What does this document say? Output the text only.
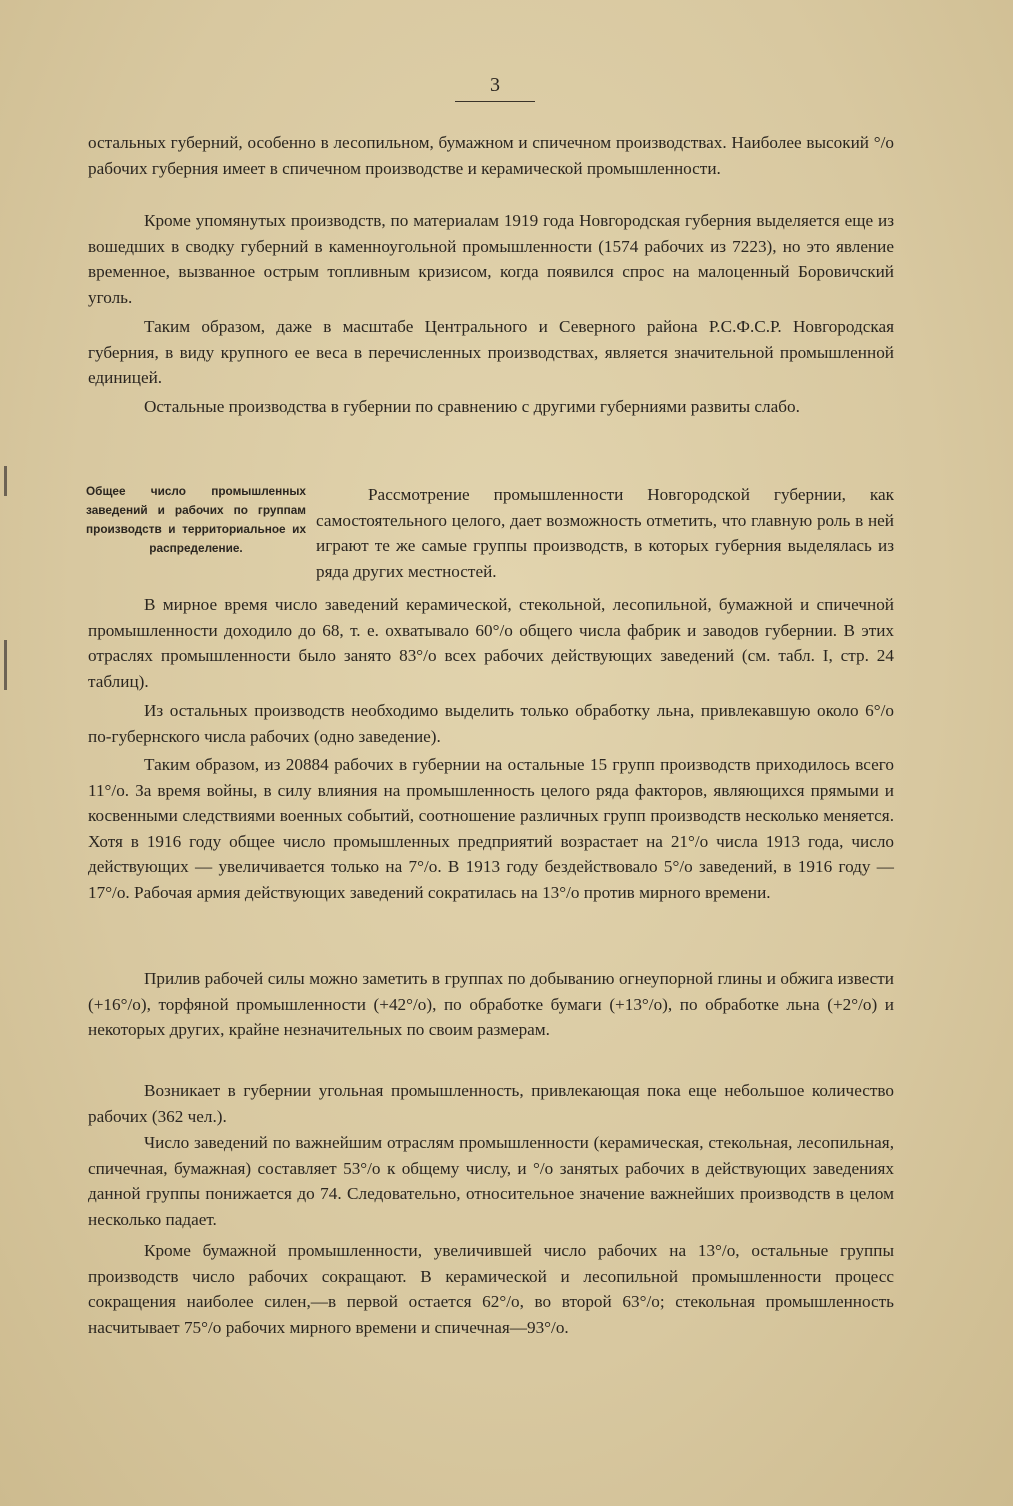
3

остальных губерний, особенно в лесопильном, бумажном и спичечном производствах. Наиболее высокий °/o рабочих губерния имеет в спичечном производстве и керамической промышленности.

Кроме упомянутых производств, по материалам 1919 года Новгородская губерния выделяется еще из вошедших в сводку губерний в каменноугольной промышленности (1574 рабочих из 7223), но это явление временное, вызванное острым топливным кризисом, когда появился спрос на малоценный Боровичский уголь.

Таким образом, даже в масштабе Центрального и Северного района Р.С.Ф.С.Р. Новгородская губерния, в виду крупного ее веса в перечисленных производствах, является значительной промышленной единицей.

Остальные производства в губернии по сравнению с другими губерниями развиты слабо.

Общее число промышленных заведений и рабочих по группам производств и территориальное их распределение.

Рассмотрение промышленности Новгородской губернии, как самостоятельного целого, дает возможность отметить, что главную роль в ней играют те же самые группы производств, в которых губерния выделялась из ряда других местностей.

В мирное время число заведений керамической, стекольной, лесопильной, бумажной и спичечной промышленности доходило до 68, т. е. охватывало 60°/o общего числа фабрик и заводов губернии. В этих отраслях промышленности было занято 83°/o всех рабочих действующих заведений (см. табл. I, стр. 24 таблиц).

Из остальных производств необходимо выделить только обработку льна, привлекавшую около 6°/o по-губернского числа рабочих (одно заведение).

Таким образом, из 20884 рабочих в губернии на остальные 15 групп производств приходилось всего 11°/o. За время войны, в силу влияния на промышленность целого ряда факторов, являющихся прямыми и косвенными следствиями военных событий, соотношение различных групп производств несколько меняется. Хотя в 1916 году общее число промышленных предприятий возрастает на 21°/o числа 1913 года, число действующих — увеличивается только на 7°/o. В 1913 году бездействовало 5°/o заведений, в 1916 году — 17°/o. Рабочая армия действующих заведений сократилась на 13°/o против мирного времени.

Прилив рабочей силы можно заметить в группах по добыванию огнеупорной глины и обжига извести (+16°/o), торфяной промышленности (+42°/o), по обработке бумаги (+13°/o), по обработке льна (+2°/o) и некоторых других, крайне незначительных по своим размерам.

Возникает в губернии угольная промышленность, привлекающая пока еще небольшое количество рабочих (362 чел.).

Число заведений по важнейшим отраслям промышленности (керамическая, стекольная, лесопильная, спичечная, бумажная) составляет 53°/o к общему числу, и °/o занятых рабочих в действующих заведениях данной группы понижается до 74. Следовательно, относительное значение важнейших производств в целом несколько падает.

Кроме бумажной промышленности, увеличившей число рабочих на 13°/o, остальные группы производств число рабочих сокращают. В керамической и лесопильной промышленности процесс сокращения наиболее силен,—в первой остается 62°/o, во второй 63°/o; стекольная промышленность насчитывает 75°/o рабочих мирного времени и спичечная—93°/o.
